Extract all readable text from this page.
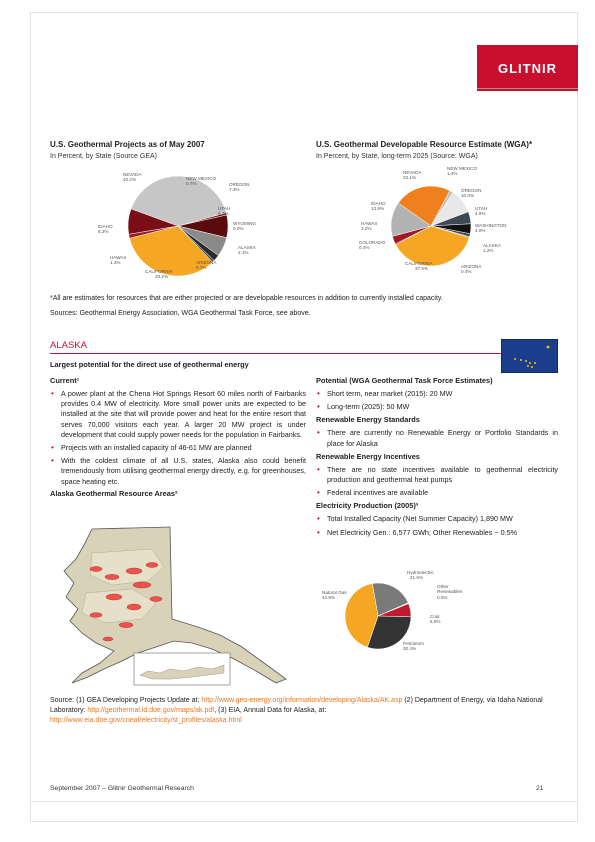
GLITNIR
U.S. Geothermal Projects as of May 2007
In Percent, by State (Source GEA)
U.S. Geothermal Developable Resource Estimate (WGA)*
In Percent, by State, long-term 2025 (Source: WGA)
NEVADA
40.2%	NEW MEXICO
0.7%	OREGON
7.3%
UTAH
6.3%
WYOMING
0.0%
ALASKA
2.1%
ARIZONA
0.7%
CALIFORNIA
33.2%
HAWAII
1.3%
IDAHO
8.2%
NEVADA
23.1%
NEW MEXICO
1.4%
OREGON
10.0%
UTAH
4.9%
WASHINGTON
4.0%
ALASKA
1.2%
ARIZONA
0.4%
CALIFORNIA
37.5%
COLORADO
0.4%
HAWAII
3.2%
IDAHO
13.9%
*All are estimates for resources that are either projected or are developable resources in addition to currently installed capacity.
Sources: Geothermal Energy Association, WGA Geothermal Task Force, see above.
ALASKA
Largest potential for the direct use of geothermal energy
Current¹
• A power plant at the Chena Hot Springs Resort 60 miles north of Fairbanks provides 0.4 MW of electricity. More small power units are expected to be installed at the site that will provide power and heat for the entire resort that serves 70,000 visitors each year. A larger 20 MW project is under development that could supply power needs for the population in Fairbanks.
• Projects with an installed capacity of 46-61 MW are planned
• With the coldest climate of all U.S. states, Alaska also could benefit tremendously from utilising geothermal energy directly, e.g. for greenhouses, space heating etc.
Alaska Geothermal Resource Areas²
Potential (WGA Geothermal Task Force Estimates)
• Short term, near market (2015): 20 MW
• Long-term (2025): 50 MW
Renewable Energy Standards
• There are currently no Renewable Energy or Portfolio Standards in place for Alaska
Renewable Energy Incentives
• There are no state incentives available to geothermal electricity production and geothermal heat pumps
• Federal incentives are available
Electricity Production (2005)³
• Total Installed Capacity (Net Summer Capacity) 1,890 MW
• Net Electricity Gen.: 6,577 GWh; Other Renewables ~ 0.5%
Hydroelectric
21.6%
Other Renewables
0.5%
Coal
6.6%
Petroleum
30.4%
Natural Gas
42.8%
Source: (1) GEA Developing Projects Update at: http://www.geo-energy.org/information/developing/Alaska/AK.asp (2) Department of Energy, via Idaha National Laboratory: http://geothermal.id.doe.gov/maps/ak.pdf, (3) EIA, Annual Data for Alaska, at:
http://www.eia.doe.gov/cneaf/electricity/st_profiles/alaska.html
September 2007 – Glitnir Geothermal Research	21
